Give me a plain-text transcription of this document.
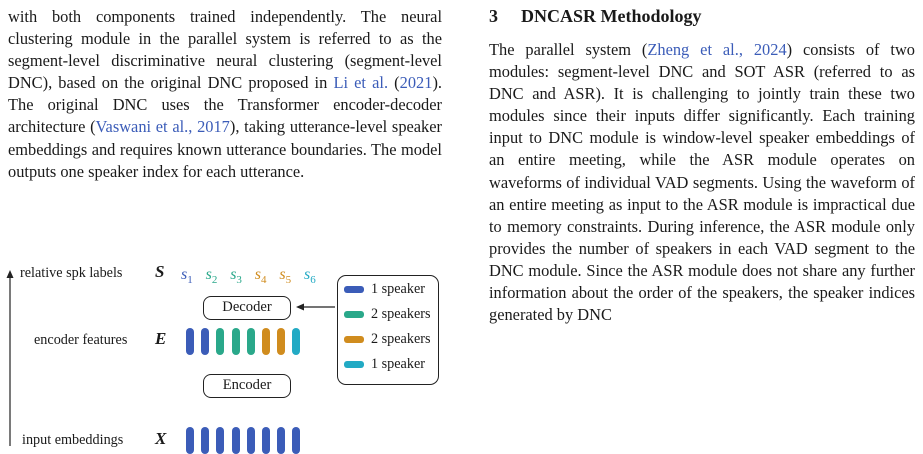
with both components trained independently. The neural clustering module in the parallel system is referred to as the segment-level discriminative neural clustering (segment-level DNC), based on the original DNC proposed in Li et al. (2021). The original DNC uses the Transformer encoder-decoder architecture (Vaswani et al., 2017), taking utterance-level speaker embeddings and requires known utterance boundaries. The model outputs one speaker index for each utterance.

relative spk labels S $s_1$ $s_2$ $s_3$ $s_4$ $s_5$ $s_6$
Decoder
encoder features E
Encoder
input embeddings X
1 speaker
2 speakers
2 speakers
1 speaker
3 DNCASR Methodology

The parallel system (Zheng et al., 2024) consists of two modules: segment-level DNC and SOT ASR (referred to as DNC and ASR). It is challenging to jointly train these two modules since their inputs differ significantly. Each training input to DNC module is window-level speaker embeddings of an entire meeting, while the ASR module operates on waveforms of individual VAD segments. Using the waveform of an entire meeting as input to the ASR module is impractical due to memory constraints. During inference, the ASR module only provides the number of speakers in each VAD segment to the DNC module. Since the ASR module does not share any further information about the order of the speakers, the speaker indices generated by DNC
